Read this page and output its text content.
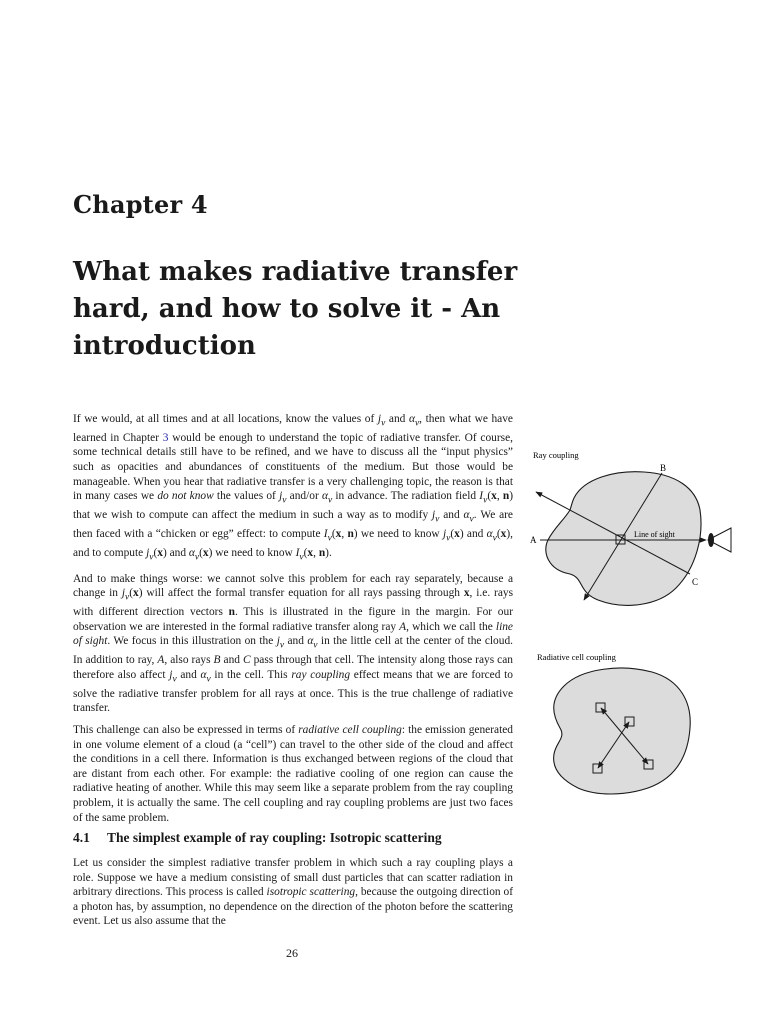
Chapter 4
What makes radiative transfer hard, and how to solve it - An introduction

If we would, at all times and at all locations, know the values of $j_\nu$ and $\alpha_\nu$, then what we have learned in Chapter 3 would be enough to understand the topic of radiative transfer. Of course, some technical details still have to be refined, and we have to discuss all the “input physics” such as opacities and abundances of constituents of the medium. But those would be manageable. When you hear that radiative transfer is a very challenging topic, the reason is that in many cases we do not know the values of $j_\nu$ and/or $\alpha_\nu$ in advance. The radiation field $I_\nu(x$, n) that we wish to compute can affect the medium in such a way as to modify $j_\nu$ and $\alpha_\nu$. We are then faced with a “chicken or egg” effect: to compute $I_\nu(x$, n) we need to know $j_\nu(x)$ and $\alpha_\nu(x)$, and to compute $j_\nu(x)$ and $\alpha_\nu(x)$ we need to know $I_\nu(x$, n).

And to make things worse: we cannot solve this problem for each ray separately, because a change in $j_\nu(x)$ will affect the formal transfer equation for all rays passing through x, i.e. rays with different direction vectors n. This is illustrated in the figure in the margin. For our observation we are interested in the formal radiative transfer along ray A, which we call the line of sight. We focus in this illustration on the $j_\nu$ and $\alpha_\nu$ in the little cell at the center of the cloud. In addition to ray, A, also rays B and C pass through that cell. The intensity along those rays can therefore also affect $j_\nu$ and $\alpha_\nu$ in the cell. This ray coupling effect means that we are forced to solve the radiative transfer problem for all rays at once. This is the true challenge of radiative transfer.

This challenge can also be expressed in terms of radiative cell coupling: the emission generated in one volume element of a cloud (a “cell”) can travel to the other side of the cloud and affect the conditions in a cell there. Information is thus exchanged between regions of the cloud that are distant from each other. For example: the radiative cooling of one region can cause the radiative heating of another. While this may seem like a separate problem from the ray coupling problem, it is actually the same. The cell coupling and ray coupling problems are just two faces of the same problem.

4.1 The simplest example of ray coupling: Isotropic scattering

Let us consider the simplest radiative transfer problem in which such a ray coupling plays a role. Suppose we have a medium consisting of small dust particles that can scatter radiation in arbitrary directions. This process is called isotropic scattering, because the outgoing direction of a photon has, by assumption, no dependence on the direction of the photon before the scattering event. Let us also assume that the

Ray coupling
A
B
C
Line of sight
Radiative cell coupling
26
